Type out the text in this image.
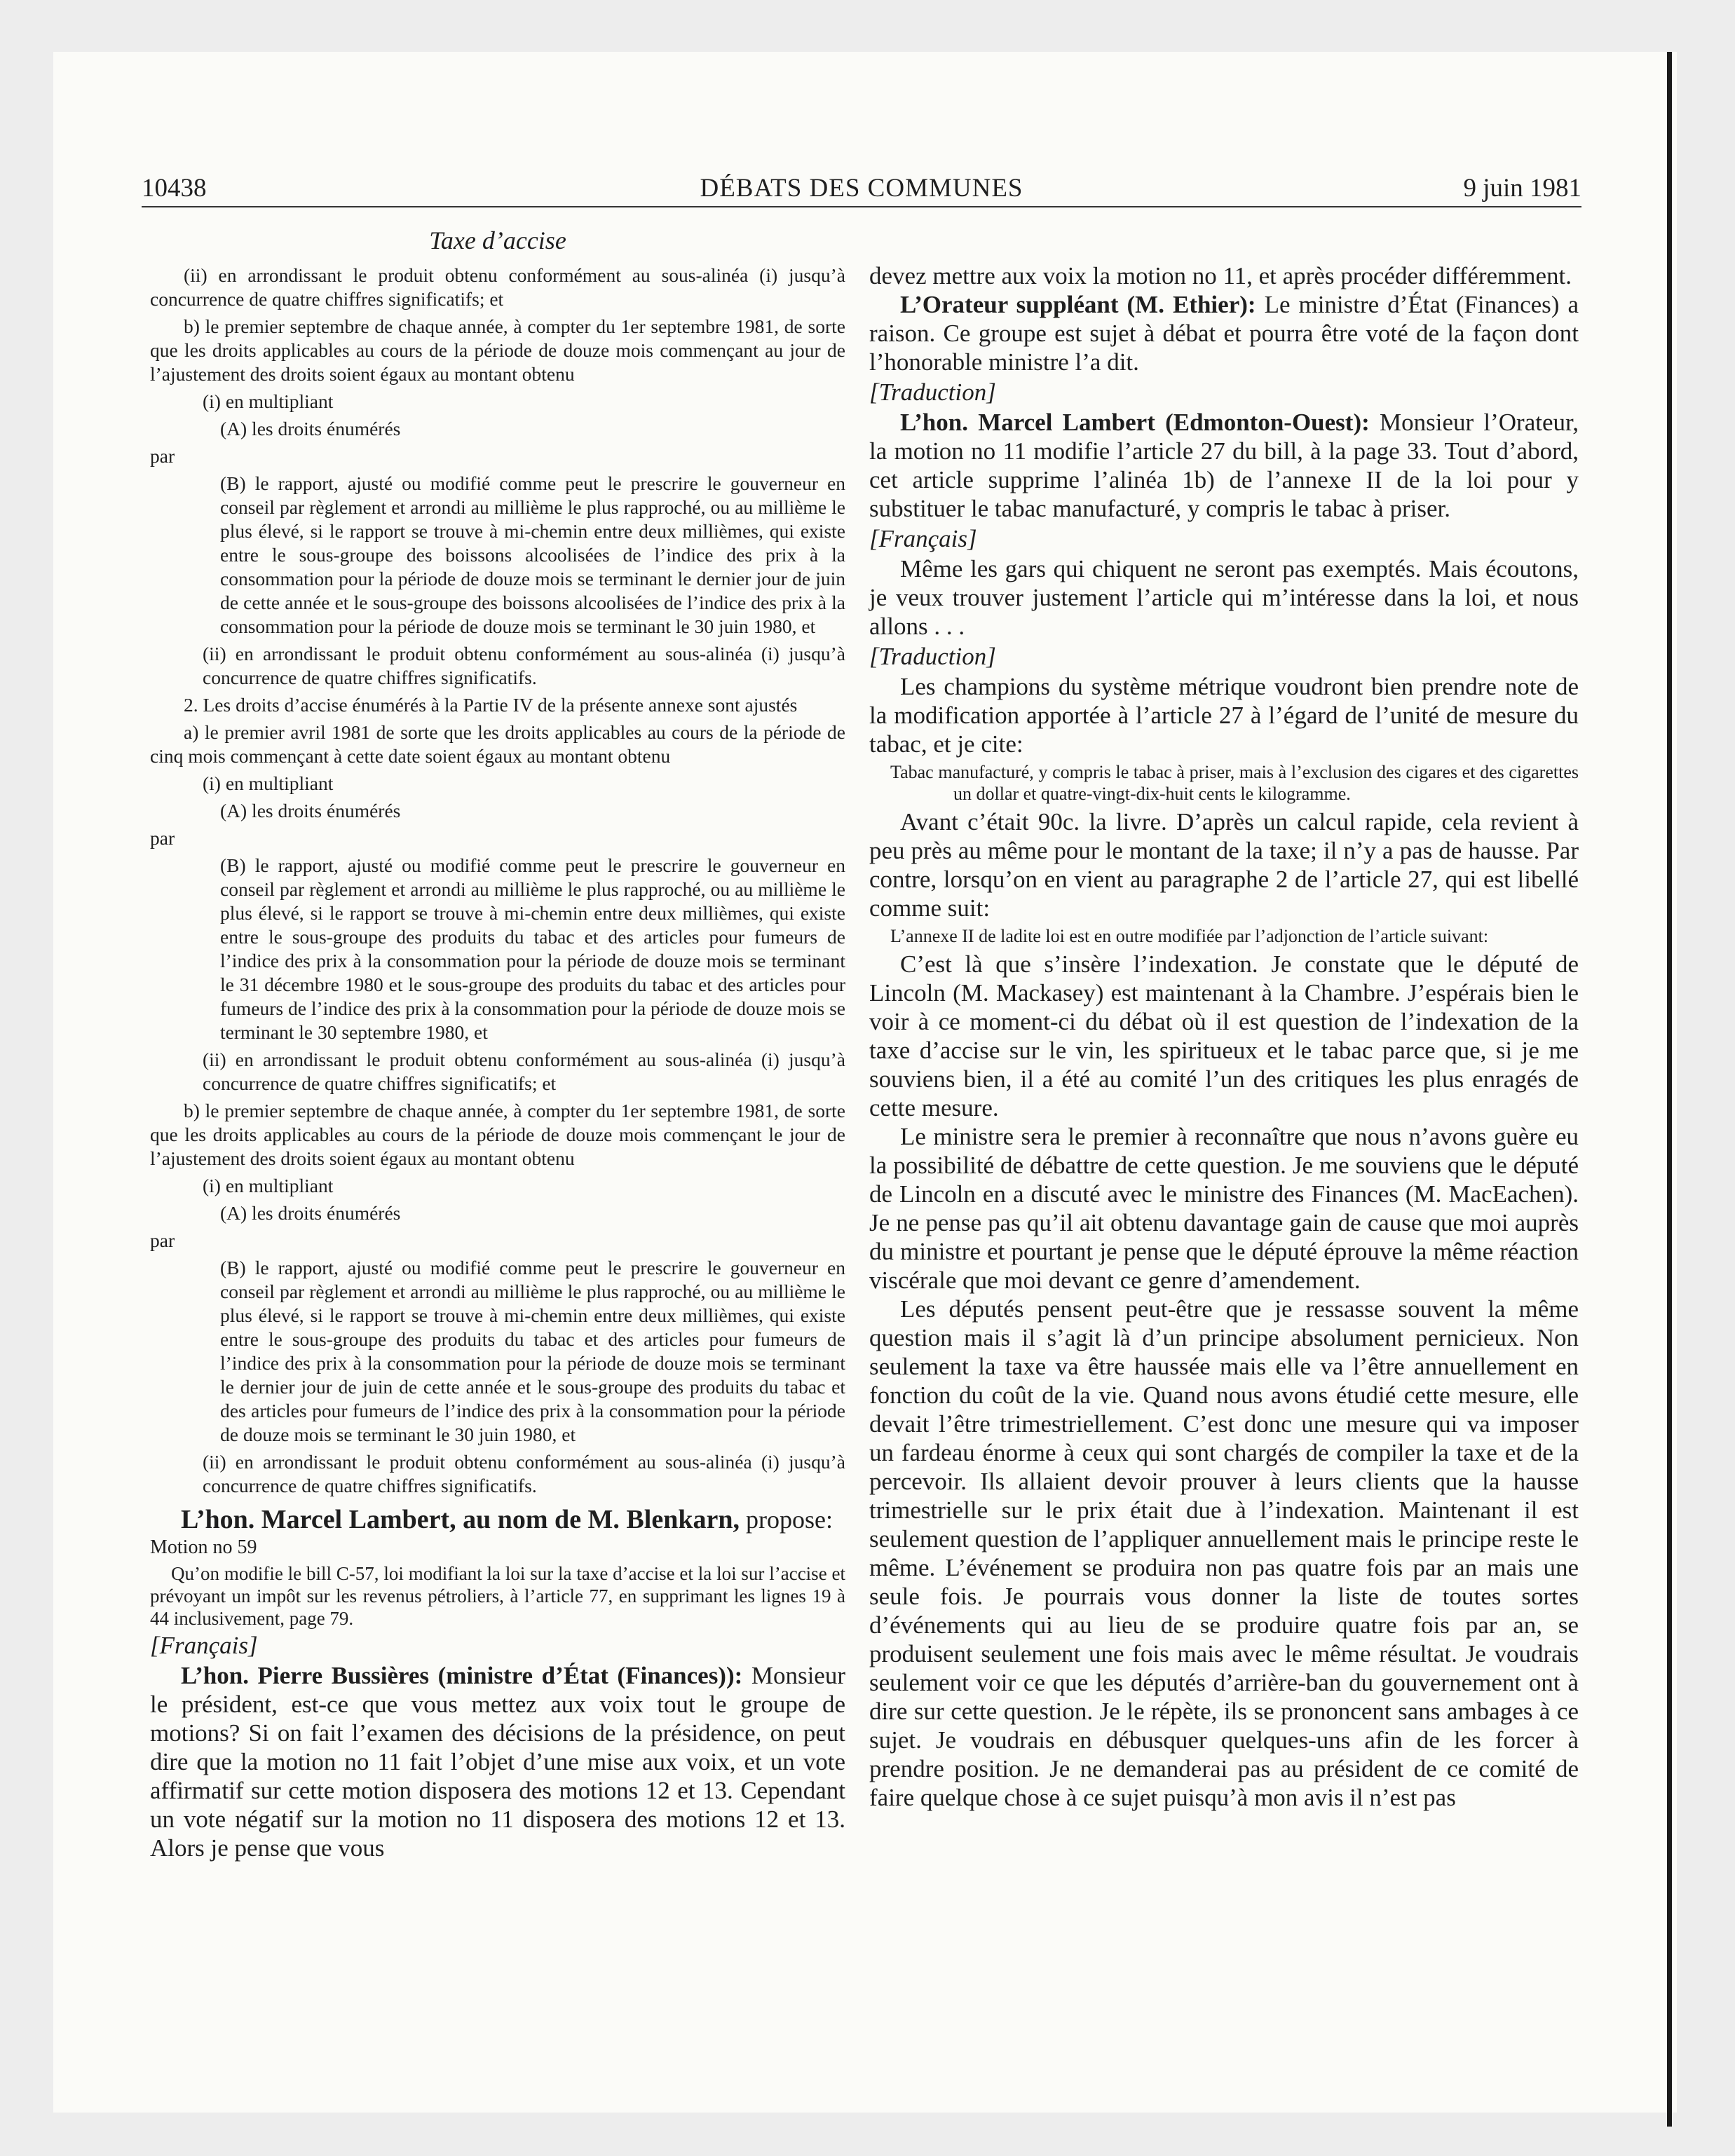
10438	DÉBATS DES COMMUNES	9 juin 1981

Taxe d’accise

(ii) en arrondissant le produit obtenu conformément au sous-alinéa (i) jusqu’à concurrence de quatre chiffres significatifs; et

b) le premier septembre de chaque année, à compter du 1er septembre 1981, de sorte que les droits applicables au cours de la période de douze mois commençant au jour de l’ajustement des droits soient égaux au montant obtenu

(i) en multipliant

(A) les droits énumérés

par

(B) le rapport, ajusté ou modifié comme peut le prescrire le gouverneur en conseil par règlement et arrondi au millième le plus rapproché, ou au millième le plus élevé, si le rapport se trouve à mi-chemin entre deux millièmes, qui existe entre le sous-groupe des boissons alcoolisées de l’indice des prix à la consommation pour la période de douze mois se terminant le dernier jour de juin de cette année et le sous-groupe des boissons alcoolisées de l’indice des prix à la consommation pour la période de douze mois se terminant le 30 juin 1980, et

(ii) en arrondissant le produit obtenu conformément au sous-alinéa (i) jusqu’à concurrence de quatre chiffres significatifs.

2. Les droits d’accise énumérés à la Partie IV de la présente annexe sont ajustés

a) le premier avril 1981 de sorte que les droits applicables au cours de la période de cinq mois commençant à cette date soient égaux au montant obtenu

(i) en multipliant

(A) les droits énumérés

par

(B) le rapport, ajusté ou modifié comme peut le prescrire le gouverneur en conseil par règlement et arrondi au millième le plus rapproché, ou au millième le plus élevé, si le rapport se trouve à mi-chemin entre deux millièmes, qui existe entre le sous-groupe des produits du tabac et des articles pour fumeurs de l’indice des prix à la consommation pour la période de douze mois se terminant le 31 décembre 1980 et le sous-groupe des produits du tabac et des articles pour fumeurs de l’indice des prix à la consommation pour la période de douze mois se terminant le 30 septembre 1980, et

(ii) en arrondissant le produit obtenu conformément au sous-alinéa (i) jusqu’à concurrence de quatre chiffres significatifs; et

b) le premier septembre de chaque année, à compter du 1er septembre 1981, de sorte que les droits applicables au cours de la période de douze mois commençant le jour de l’ajustement des droits soient égaux au montant obtenu

(i) en multipliant

(A) les droits énumérés

par

(B) le rapport, ajusté ou modifié comme peut le prescrire le gouverneur en conseil par règlement et arrondi au millième le plus rapproché, ou au millième le plus élevé, si le rapport se trouve à mi-chemin entre deux millièmes, qui existe entre le sous-groupe des produits du tabac et des articles pour fumeurs de l’indice des prix à la consommation pour la période de douze mois se terminant le dernier jour de juin de cette année et le sous-groupe des produits du tabac et des articles pour fumeurs de l’indice des prix à la consommation pour la période de douze mois se terminant le 30 juin 1980, et

(ii) en arrondissant le produit obtenu conformément au sous-alinéa (i) jusqu’à concurrence de quatre chiffres significatifs.

L’hon. Marcel Lambert, au nom de M. Blenkarn, propose:

Motion no 59

Qu’on modifie le bill C-57, loi modifiant la loi sur la taxe d’accise et la loi sur l’accise et prévoyant un impôt sur les revenus pétroliers, à l’article 77, en supprimant les lignes 19 à 44 inclusivement, page 79.

[Français]

L’hon. Pierre Bussières (ministre d’État (Finances)): Monsieur le président, est-ce que vous mettez aux voix tout le groupe de motions? Si on fait l’examen des décisions de la présidence, on peut dire que la motion no 11 fait l’objet d’une mise aux voix, et un vote affirmatif sur cette motion disposera des motions 12 et 13. Cependant un vote négatif sur la motion no 11 disposera des motions 12 et 13. Alors je pense que vous

devez mettre aux voix la motion no 11, et après procéder différemment.

L’Orateur suppléant (M. Ethier): Le ministre d’État (Finances) a raison. Ce groupe est sujet à débat et pourra être voté de la façon dont l’honorable ministre l’a dit.

[Traduction]

L’hon. Marcel Lambert (Edmonton-Ouest): Monsieur l’Orateur, la motion no 11 modifie l’article 27 du bill, à la page 33. Tout d’abord, cet article supprime l’alinéa 1b) de l’annexe II de la loi pour y substituer le tabac manufacturé, y compris le tabac à priser.

[Français]

Même les gars qui chiquent ne seront pas exemptés. Mais écoutons, je veux trouver justement l’article qui m’intéresse dans la loi, et nous allons . . .

[Traduction]

Les champions du système métrique voudront bien prendre note de la modification apportée à l’article 27 à l’égard de l’unité de mesure du tabac, et je cite:

Tabac manufacturé, y compris le tabac à priser, mais à l’exclusion des cigares et des cigarettes un dollar et quatre-vingt-dix-huit cents le kilogramme.

Avant c’était 90c. la livre. D’après un calcul rapide, cela revient à peu près au même pour le montant de la taxe; il n’y a pas de hausse. Par contre, lorsqu’on en vient au paragraphe 2 de l’article 27, qui est libellé comme suit:

L’annexe II de ladite loi est en outre modifiée par l’adjonction de l’article suivant:

C’est là que s’insère l’indexation. Je constate que le député de Lincoln (M. Mackasey) est maintenant à la Chambre. J’espérais bien le voir à ce moment-ci du débat où il est question de l’indexation de la taxe d’accise sur le vin, les spiritueux et le tabac parce que, si je me souviens bien, il a été au comité l’un des critiques les plus enragés de cette mesure.

Le ministre sera le premier à reconnaître que nous n’avons guère eu la possibilité de débattre de cette question. Je me souviens que le député de Lincoln en a discuté avec le ministre des Finances (M. MacEachen). Je ne pense pas qu’il ait obtenu davantage gain de cause que moi auprès du ministre et pourtant je pense que le député éprouve la même réaction viscérale que moi devant ce genre d’amendement.

Les députés pensent peut-être que je ressasse souvent la même question mais il s’agit là d’un principe absolument pernicieux. Non seulement la taxe va être haussée mais elle va l’être annuellement en fonction du coût de la vie. Quand nous avons étudié cette mesure, elle devait l’être trimestriellement. C’est donc une mesure qui va imposer un fardeau énorme à ceux qui sont chargés de compiler la taxe et de la percevoir. Ils allaient devoir prouver à leurs clients que la hausse trimestrielle sur le prix était due à l’indexation. Maintenant il est seulement question de l’appliquer annuellement mais le principe reste le même. L’événement se produira non pas quatre fois par an mais une seule fois. Je pourrais vous donner la liste de toutes sortes d’événements qui au lieu de se produire quatre fois par an, se produisent seulement une fois mais avec le même résultat. Je voudrais seulement voir ce que les députés d’arrière-ban du gouvernement ont à dire sur cette question. Je le répète, ils se prononcent sans ambages à ce sujet. Je voudrais en débusquer quelques-uns afin de les forcer à prendre position. Je ne demanderai pas au président de ce comité de faire quelque chose à ce sujet puisqu’à mon avis il n’est pas
